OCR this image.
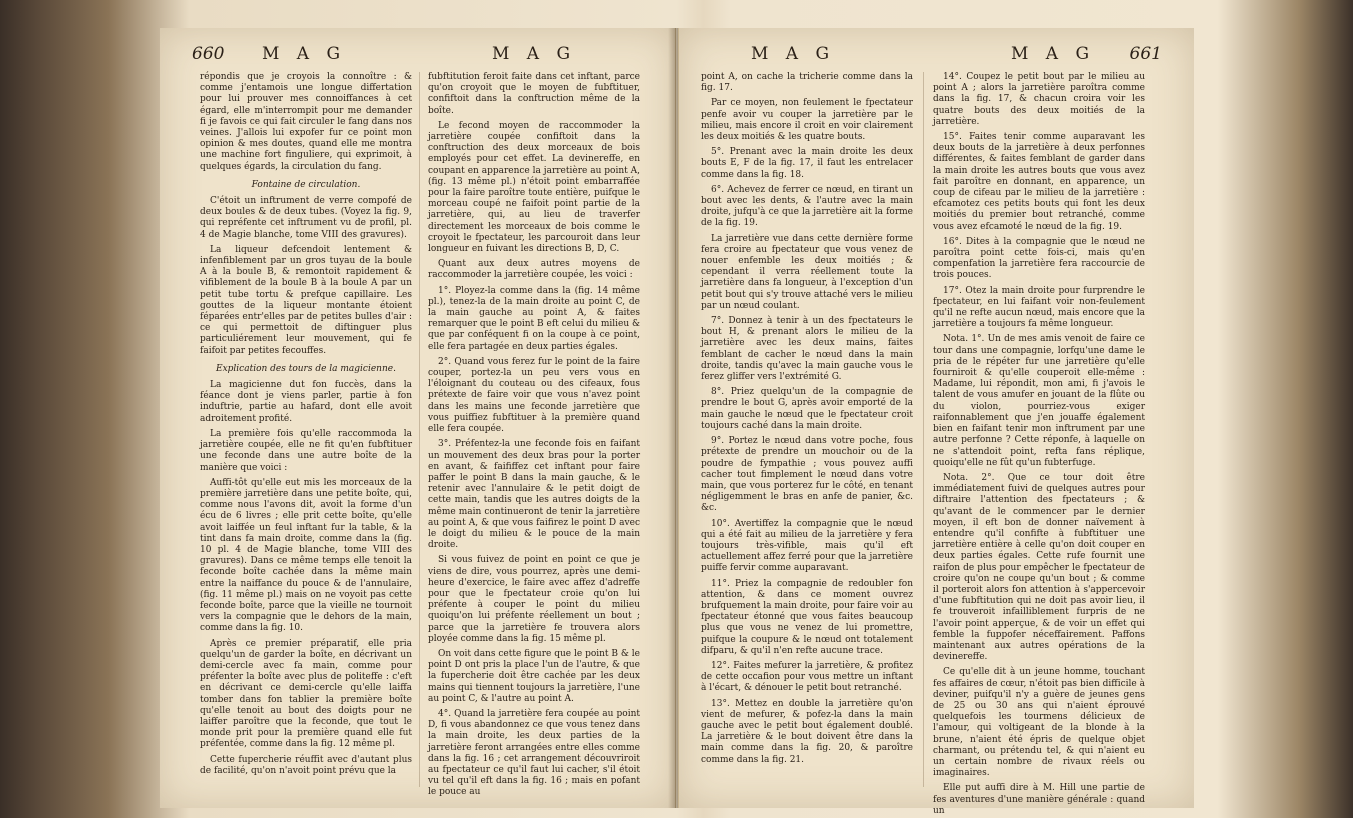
660 M A G	M A G

répondis que je croyois la connoître : & comme j'entamois une longue differtation pour lui prouver mes connoiffances à cet égard, elle m'interrompit pour me demander fi je favois ce qui fait circuler le fang dans nos veines. J'allois lui expofer fur ce point mon opinion & mes doutes, quand elle me montra une machine fort finguliere, qui exprimoit, à quelques égards, la circulation du fang.

Fontaine de circulation.

C'étoit un inftrument de verre compofé de deux boules & de deux tubes. (Voyez la fig. 9, qui repréfente cet inftrument vu de profil, pl. 4 de Magie blanche, tome VIII des gravures).

La liqueur defcendoit lentement & infenfiblement par un gros tuyau de la boule A à la boule B, & remontoit rapidement & vifiblement de la boule B à la boule A par un petit tube tortu & prefque capillaire. Les gouttes de la liqueur montante étoient féparées entr'elles par de petites bulles d'air : ce qui permettoit de diftinguer plus particuliérement leur mouvement, qui fe faifoit par petites fecouffes.

Explication des tours de la magicienne.

La magicienne dut fon fuccès, dans la féance dont je viens parler, partie à fon induftrie, partie au hafard, dont elle avoit adroitement profité.

La première fois qu'elle raccommoda la jarretière coupée, elle ne fit qu'en fubftituer une feconde dans une autre boîte de la manière que voici :

Auffi-tôt qu'elle eut mis les morceaux de la première jarretière dans une petite boîte, qui, comme nous l'avons dit, avoit la forme d'un écu de 6 livres ; elle prit cette boîte, qu'elle avoit laiffée un feul inftant fur la table, & la tint dans fa main droite, comme dans la (fig. 10 pl. 4 de Magie blanche, tome VIII des gravures). Dans ce même temps elle tenoit la feconde boîte cachée dans la même main entre la naiffance du pouce & de l'annulaire, (fig. 11 même pl.) mais on ne voyoit pas cette feconde boîte, parce que la vieille ne tournoit vers la compagnie que le dehors de la main, comme dans la fig. 10.

Après ce premier préparatif, elle pria quelqu'un de garder la boîte, en décrivant un demi-cercle avec fa main, comme pour préfenter la boîte avec plus de politeffe : c'eft en décrivant ce demi-cercle qu'elle laiffa tomber dans fon tablier la première boîte qu'elle tenoit au bout des doigts pour ne laiffer paroître que la feconde, que tout le monde prit pour la première quand elle fut préfentée, comme dans la fig. 12 même pl.

Cette fupercherie réuffit avec d'autant plus de facilité, qu'on n'avoit point prévu que la

fubftitution feroit faite dans cet inftant, parce qu'on croyoit que le moyen de fubftituer, confiftoit dans la conftruction même de la boîte.

Le fecond moyen de raccommoder la jarretière coupée confiftoit dans la conftruction des deux morceaux de bois employés pour cet effet. La devinereffe, en coupant en apparence la jarretière au point A, (fig. 13 même pl.) n'étoit point embarraffée pour la faire paroître toute entière, puifque le morceau coupé ne faifoit point partie de la jarretière, qui, au lieu de traverfer directement les morceaux de bois comme le croyoit le fpectateur, les parcouroit dans leur longueur en fuivant les directions B, D, C.

Quant aux deux autres moyens de raccommoder la jarretière coupée, les voici :

1°. Ployez-la comme dans la (fig. 14 même pl.), tenez-la de la main droite au point C, de la main gauche au point A, & faites remarquer que le point B eft celui du milieu & que par conféquent fi on la coupe à ce point, elle fera partagée en deux parties égales.

2°. Quand vous ferez fur le point de la faire couper, portez-la un peu vers vous en l'éloignant du couteau ou des cifeaux, fous prétexte de faire voir que vous n'avez point dans les mains une feconde jarretière que vous puiffiez fubftituer à la première quand elle fera coupée.

3°. Préfentez-la une feconde fois en faifant un mouvement des deux bras pour la porter en avant, & faififfez cet inftant pour faire paffer le point B dans la main gauche, & le retenir avec l'annulaire & le petit doigt de cette main, tandis que les autres doigts de la même main continueront de tenir la jarretière au point A, & que vous faifirez le point D avec le doigt du milieu & le pouce de la main droite.

Si vous fuivez de point en point ce que je viens de dire, vous pourrez, après une demi-heure d'exercice, le faire avec affez d'adreffe pour que le fpectateur croie qu'on lui préfente à couper le point du milieu quoiqu'on lui préfente réellement un bout ; parce que la jarretière fe trouvera alors ployée comme dans la fig. 15 même pl.

On voit dans cette figure que le point B & le point D ont pris la place l'un de l'autre, & que la fupercherie doit être cachée par les deux mains qui tiennent toujours la jarretière, l'une au point C, & l'autre au point A.

4°. Quand la jarretière fera coupée au point D, fi vous abandonnez ce que vous tenez dans la main droite, les deux parties de la jarretière feront arrangées entre elles comme dans la fig. 16 ; cet arrangement découvriroit au fpectateur ce qu'il faut lui cacher, s'il étoit vu tel qu'il eft dans la fig. 16 ; mais en pofant le pouce au

M A G	M A G 661

point A, on cache la tricherie comme dans la fig. 17.

Par ce moyen, non feulement le fpectateur penfe avoir vu couper la jarretière par le milieu, mais encore il croit en voir clairement les deux moitiés & les quatre bouts.

5°. Prenant avec la main droite les deux bouts E, F de la fig. 17, il faut les entrelacer comme dans la fig. 18.

6°. Achevez de ferrer ce nœud, en tirant un bout avec les dents, & l'autre avec la main droite, jufqu'à ce que la jarretière ait la forme de la fig. 19.

La jarretière vue dans cette dernière forme fera croire au fpectateur que vous venez de nouer enfemble les deux moitiés ; & cependant il verra réellement toute la jarretière dans fa longueur, à l'exception d'un petit bout qui s'y trouve attaché vers le milieu par un nœud coulant.

7°. Donnez à tenir à un des fpectateurs le bout H, & prenant alors le milieu de la jarretière avec les deux mains, faites femblant de cacher le nœud dans la main droite, tandis qu'avec la main gauche vous le ferez gliffer vers l'extrémité G.

8°. Priez quelqu'un de la compagnie de prendre le bout G, après avoir emporté de la main gauche le nœud que le fpectateur croit toujours caché dans la main droite.

9°. Portez le nœud dans votre poche, fous prétexte de prendre un mouchoir ou de la poudre de fympathie ; vous pouvez auffi cacher tout fimplement le nœud dans votre main, que vous porterez fur le côté, en tenant négligemment le bras en anfe de panier, &c. &c.

10°. Avertiffez la compagnie que le nœud qui a été fait au milieu de la jarretière y fera toujours très-vifible, mais qu'il eft actuellement affez ferré pour que la jarretière puiffe fervir comme auparavant.

11°. Priez la compagnie de redoubler fon attention, & dans ce moment ouvrez brufquement la main droite, pour faire voir au fpectateur étonné que vous faites beaucoup plus que vous ne venez de lui promettre, puifque la coupure & le nœud ont totalement difparu, & qu'il n'en refte aucune trace.

12°. Faites mefurer la jarretière, & profitez de cette occafion pour vous mettre un inftant à l'écart, & dénouer le petit bout retranché.

13°. Mettez en double la jarretière qu'on vient de mefurer, & pofez-la dans la main gauche avec le petit bout également doublé. La jarretière & le bout doivent être dans la main comme dans la fig. 20, & paroître comme dans la fig. 21.

14°. Coupez le petit bout par le milieu au point A ; alors la jarretière paroîtra comme dans la fig. 17, & chacun croira voir les quatre bouts des deux moitiés de la jarretière.

15°. Faites tenir comme auparavant les deux bouts de la jarretière à deux perfonnes différentes, & faites femblant de garder dans la main droite les autres bouts que vous avez fait paroître en donnant, en apparence, un coup de cifeau par le milieu de la jarretière : efcamotez ces petits bouts qui font les deux moitiés du premier bout retranché, comme vous avez efcamoté le nœud de la fig. 19.

16°. Dites à la compagnie que le nœud ne paroîtra point cette fois-ci, mais qu'en compenfation la jarretière fera raccourcie de trois pouces.

17°. Otez la main droite pour furprendre le fpectateur, en lui faifant voir non-feulement qu'il ne refte aucun nœud, mais encore que la jarretière a toujours fa même longueur.

Nota. 1°. Un de mes amis venoit de faire ce tour dans une compagnie, lorfqu'une dame le pria de le répéter fur une jarretière qu'elle fourniroit & qu'elle couperoit elle-même : Madame, lui répondit, mon ami, fi j'avois le talent de vous amufer en jouant de la flûte ou du violon, pourriez-vous exiger raifonnablement que j'en jouaffe également bien en faifant tenir mon inftrument par une autre perfonne ? Cette réponfe, à laquelle on ne s'attendoit point, refta fans réplique, quoiqu'elle ne fût qu'un fubterfuge.

Nota. 2°. Que ce tour doit être immédiatement fuivi de quelques autres pour diftraire l'attention des fpectateurs ; & qu'avant de le commencer par le dernier moyen, il eft bon de donner naïvement à entendre qu'il confifte à fubftituer une jarretière entière à celle qu'on doit couper en deux parties égales. Cette rufe fournit une raifon de plus pour empêcher le fpectateur de croire qu'on ne coupe qu'un bout ; & comme il porteroit alors fon attention à s'appercevoir d'une fubftitution qui ne doit pas avoir lieu, il fe trouveroit infailliblement furpris de ne l'avoir point apperçue, & de voir un effet qui femble la fuppofer néceffairement. Paffons maintenant aux autres opérations de la devinereffe.

Ce qu'elle dit à un jeune homme, touchant fes affaires de cœur, n'étoit pas bien difficile à deviner, puifqu'il n'y a guère de jeunes gens de 25 ou 30 ans qui n'aient éprouvé quelquefois les tourmens délicieux de l'amour, qui voltigeant de la blonde à la brune, n'aient été épris de quelque objet charmant, ou prétendu tel, & qui n'aient eu un certain nombre de rivaux réels ou imaginaires.

Elle put auffi dire à M. Hill une partie de fes aventures d'une manière générale : quand un
